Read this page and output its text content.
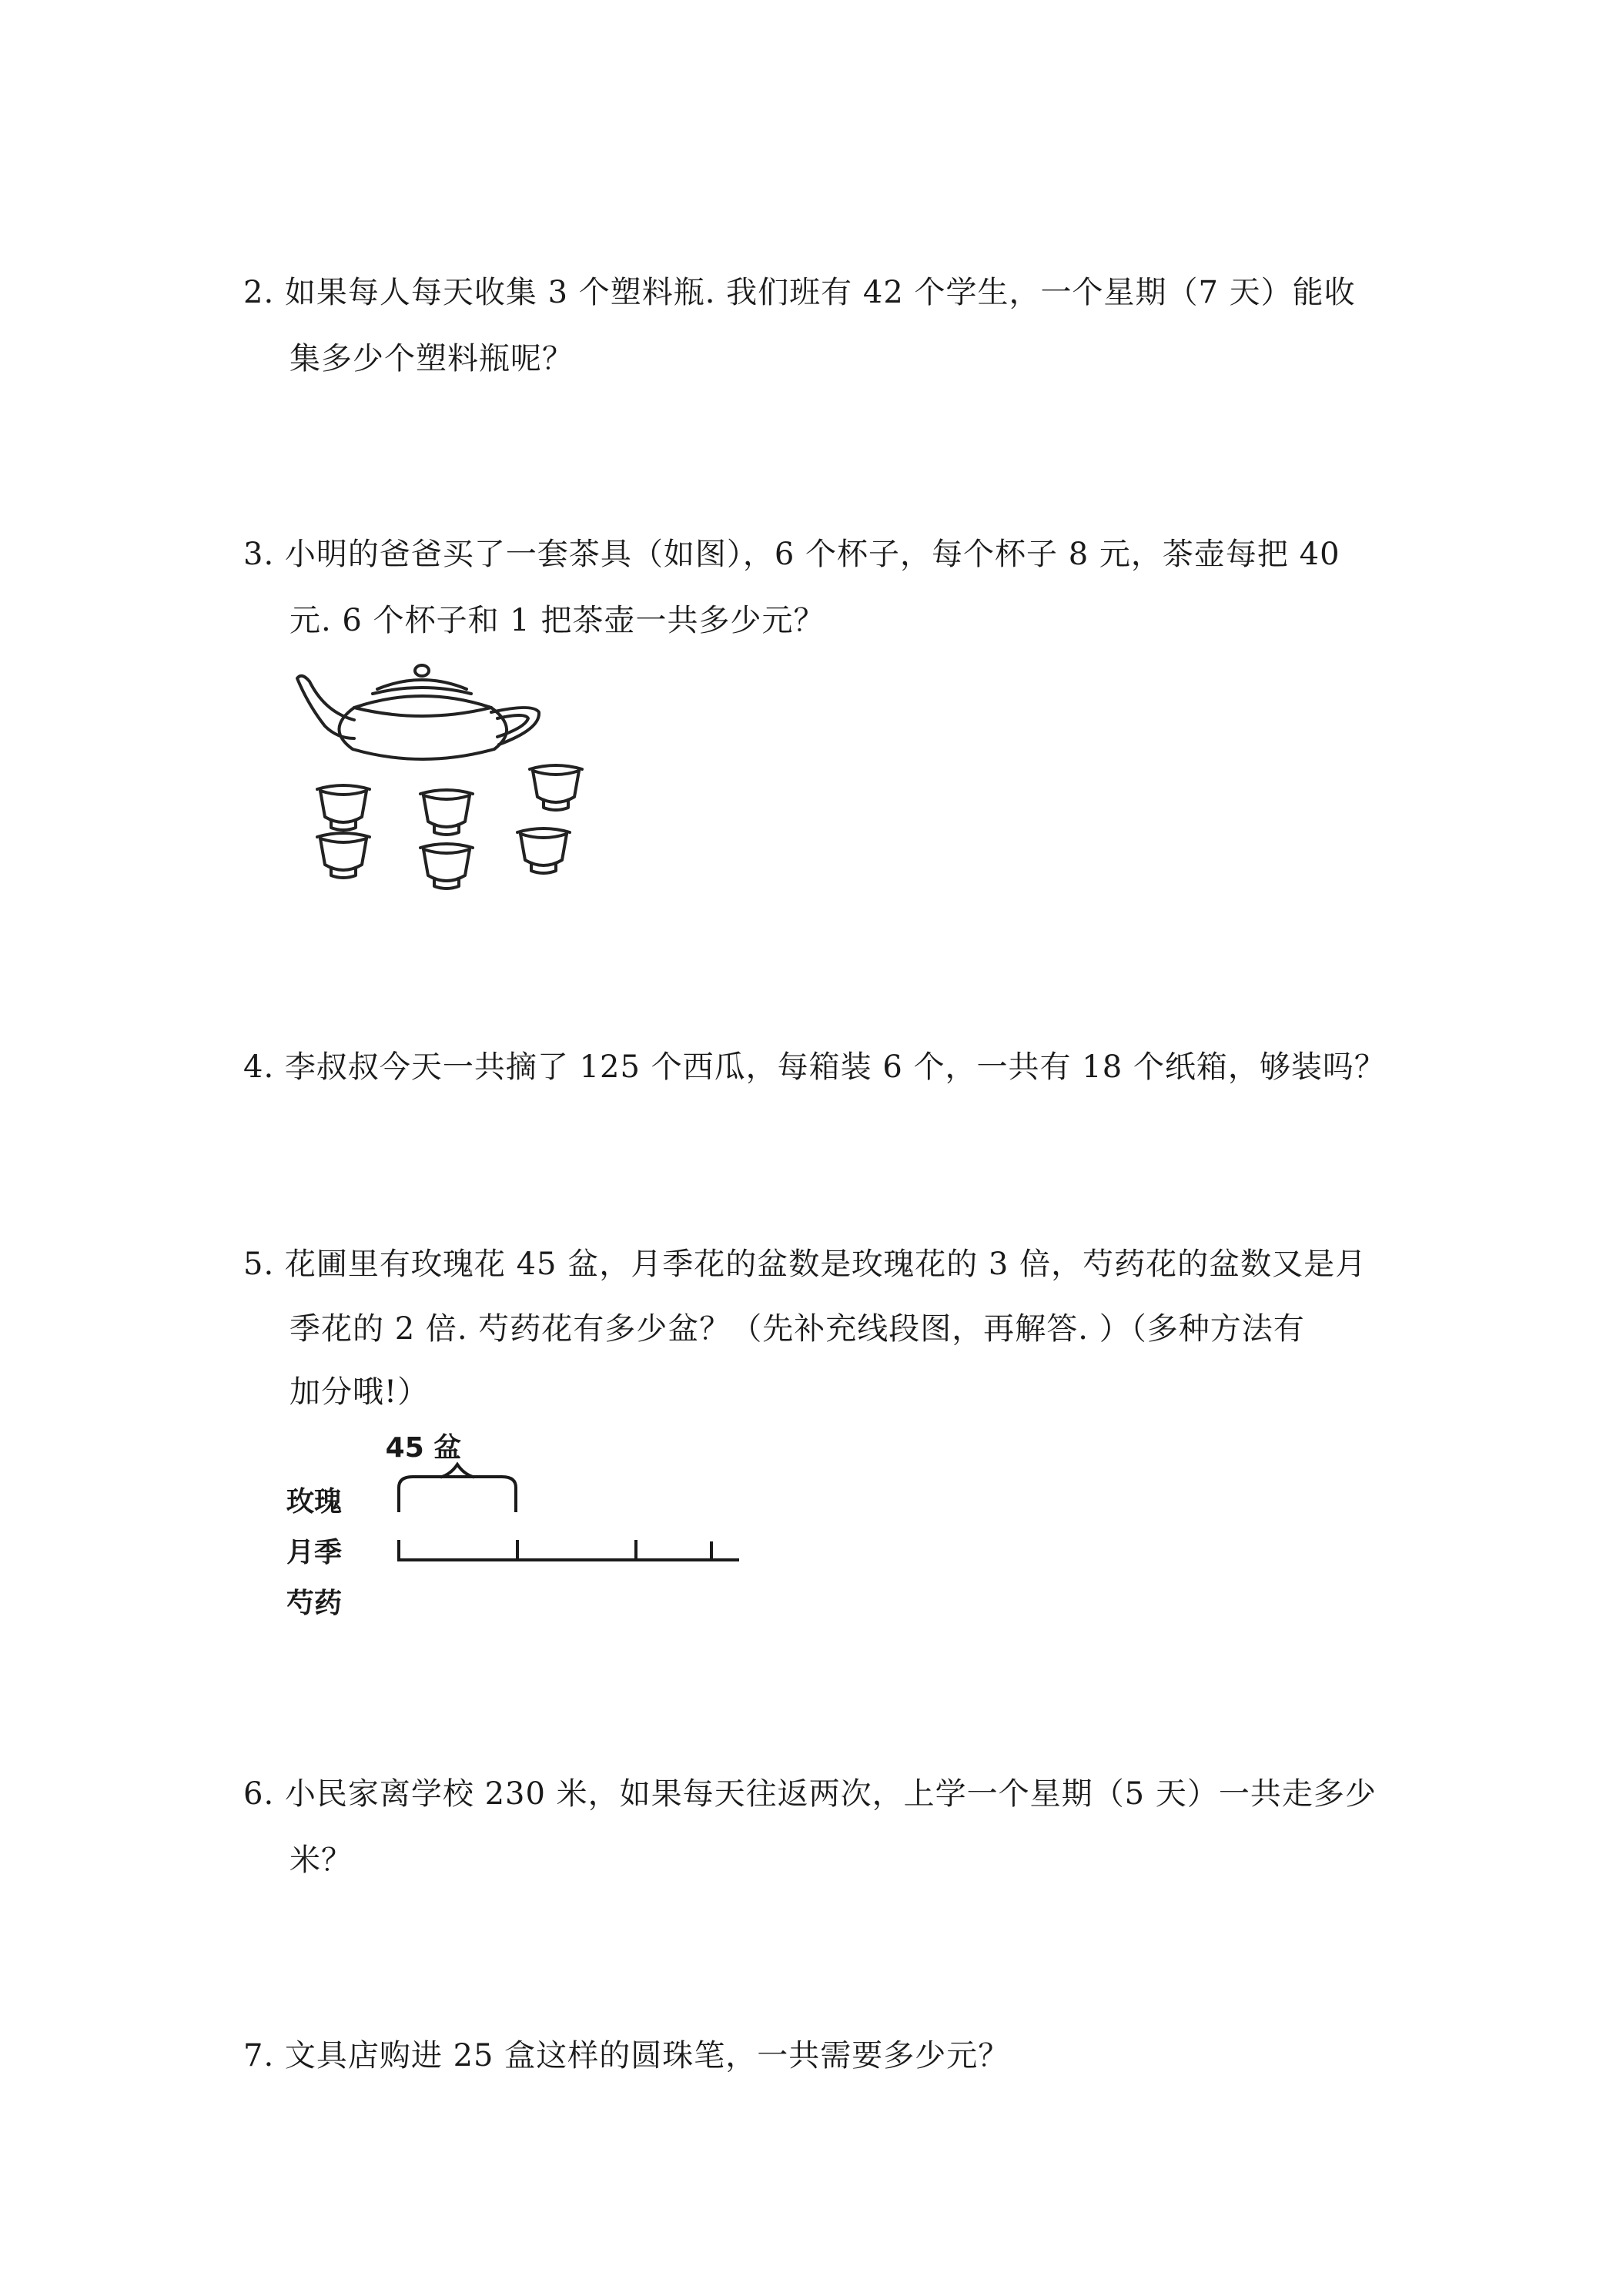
2. 如果每人每天收集 3 个塑料瓶. 我们班有 42 个学生，一个星期（7 天）能收
集多少个塑料瓶呢？
3. 小明的爸爸买了一套茶具（如图），6 个杯子，每个杯子 8 元，茶壶每把 40
元. 6 个杯子和 1 把茶壶一共多少元？
4. 李叔叔今天一共摘了 125 个西瓜，每箱装 6 个，一共有 18 个纸箱，够装吗？
5. 花圃里有玫瑰花 45 盆，月季花的盆数是玫瑰花的 3 倍，芍药花的盆数又是月
季花的 2 倍. 芍药花有多少盆？（先补充线段图，再解答. ）（多种方法有
加分哦!）
45 盆
玫瑰
月季
芍药
6. 小民家离学校 230 米，如果每天往返两次，上学一个星期（5 天）一共走多少
米？
7. 文具店购进 25 盒这样的圆珠笔，一共需要多少元？
